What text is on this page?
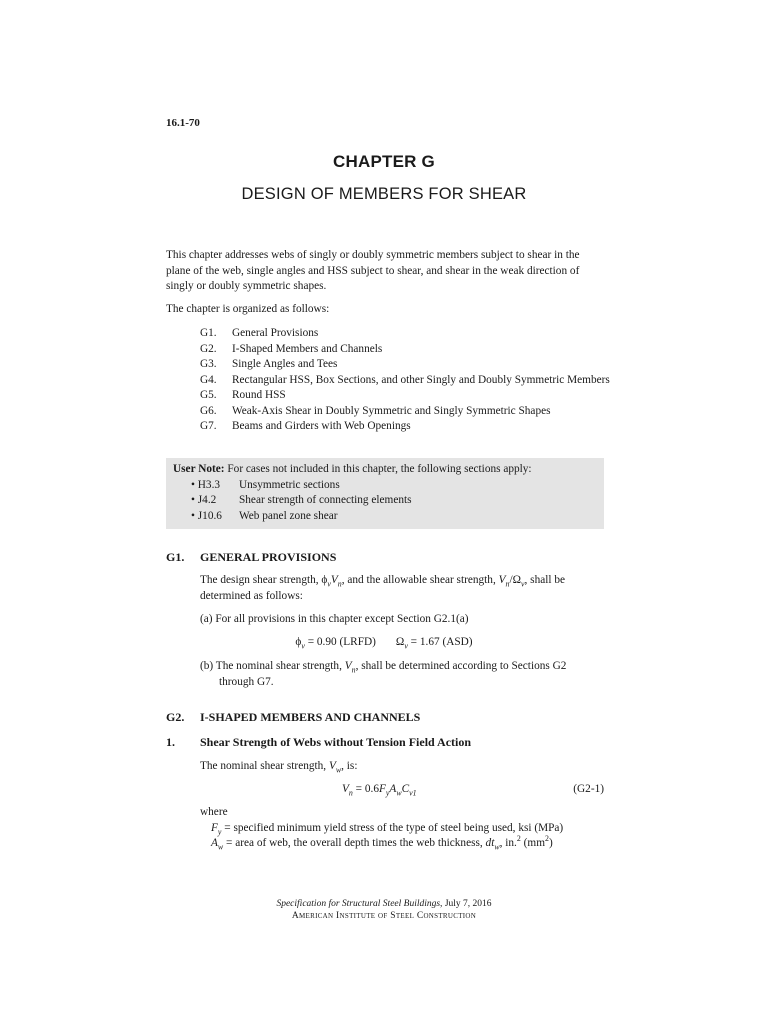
16.1-70
CHAPTER G
DESIGN OF MEMBERS FOR SHEAR

This chapter addresses webs of singly or doubly symmetric members subject to shear in the plane of the web, single angles and HSS subject to shear, and shear in the weak direction of singly or doubly symmetric shapes.

The chapter is organized as follows:

G1.	General Provisions
G2.	I-Shaped Members and Channels
G3.	Single Angles and Tees
G4.	Rectangular HSS, Box Sections, and other Singly and Doubly Symmetric Members
G5.	Round HSS
G6.	Weak-Axis Shear in Doubly Symmetric and Singly Symmetric Shapes
G7.	Beams and Girders with Web Openings
User Note: For cases not included in this chapter, the following sections apply:
• H3.3	Unsymmetric sections
• J4.2	Shear strength of connecting elements
• J10.6	Web panel zone shear
G1.	GENERAL PROVISIONS

The design shear strength, $\phi_vV_n$, and the allowable shear strength, $V_n/\Omega_v$, shall be determined as follows:

(a) For all provisions in this chapter except Section G2.1(a)

$\phi_v = 0.90$ (LRFD) $\Omega_v = 1.67$ (ASD)

(b) The nominal shear strength, $V_n$, shall be determined according to Sections G2 through G7.

G2.	I-SHAPED MEMBERS AND CHANNELS
1.	Shear Strength of Webs without Tension Field Action

The nominal shear strength, $V_w$, is:

$V_n = 0.6F_yA_wC_{v1}$	(G2-1)
where
$F_y$ = specified minimum yield stress of the type of steel being used, ksi (MPa)
$A_w$ = area of web, the overall depth times the web thickness, $dt_w$, in.$^2$ $(mm^2)$
Specification for Structural Steel Buildings, July 7, 2016
American Institute of Steel Construction
